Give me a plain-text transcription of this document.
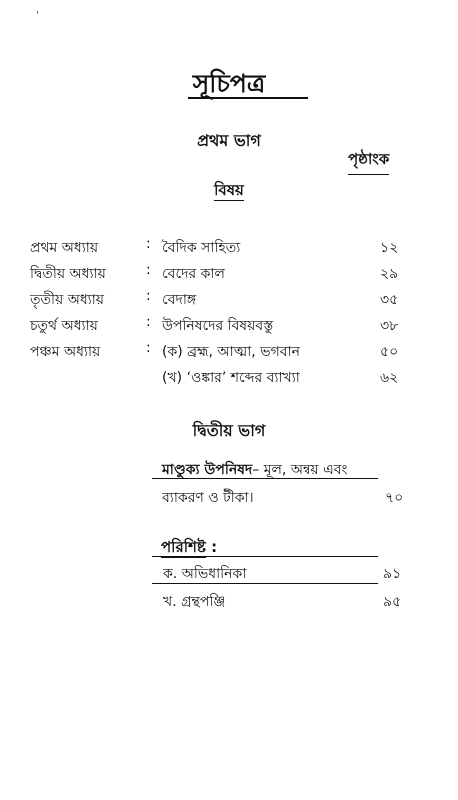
'
সূচিপত্র
প্রথম ভাগ
পৃষ্ঠাংক
বিষয়
প্রথম অধ্যায়	: বৈদিক সাহিত্য	১২
দ্বিতীয় অধ্যায়	: বেদের কাল	২৯
তৃতীয় অধ্যায়	: বেদাঙ্গ	৩৫
চতুর্থ অধ্যায়	: উপনিষদের বিষয়বস্তু	৩৮
পঞ্চম অধ্যায়	: (ক) ব্রহ্ম, আত্মা, ভগবান	৫০
(খ) ‘ওঙ্কার’ শব্দের ব্যাখ্যা	৬২
দ্বিতীয় ভাগ
মাণ্ডুক্য উপনিষদ– মূল, অন্বয় এবং
ব্যাকরণ ও টীকা।	৭০
পরিশিষ্ট :
ক. অভিধানিকা	৯১
খ. গ্রন্থপঞ্জি	৯৫
